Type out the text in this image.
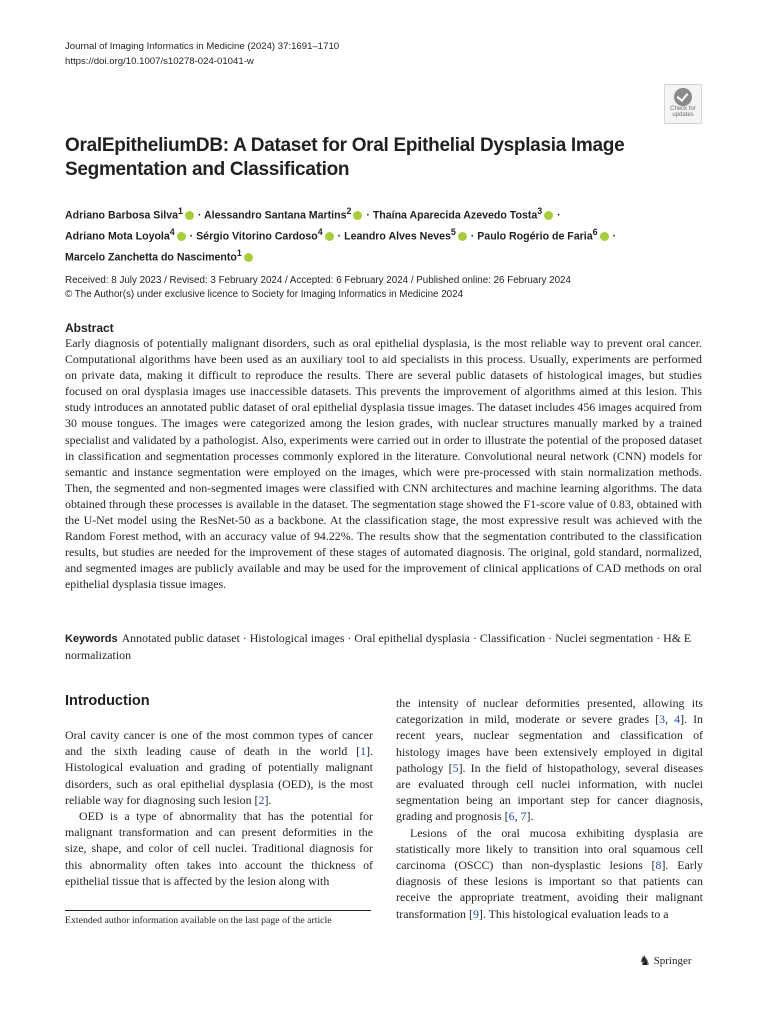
Journal of Imaging Informatics in Medicine (2024) 37:1691–1710
https://doi.org/10.1007/s10278-024-01041-w
Check for
updates
OralEpitheliumDB: A Dataset for Oral Epithelial Dysplasia Image Segmentation and Classification
Adriano Barbosa Silva$^1$ · Alessandro Santana Martins$^2$ · Thaína Aparecida Azevedo Tosta$^3$ ·
Adriano Mota Loyola$^4$ · Sérgio Vitorino Cardoso$^4$ · Leandro Alves Neves$^5$ · Paulo Rogério de Faria$^6$ ·
Marcelo Zanchetta do Nascimento$^1$
Received: 8 July 2023 / Revised: 3 February 2024 / Accepted: 6 February 2024 / Published online: 26 February 2024
© The Author(s) under exclusive licence to Society for Imaging Informatics in Medicine 2024
Abstract

Early diagnosis of potentially malignant disorders, such as oral epithelial dysplasia, is the most reliable way to prevent oral cancer. Computational algorithms have been used as an auxiliary tool to aid specialists in this process. Usually, experiments are performed on private data, making it difficult to reproduce the results. There are several public datasets of histological images, but studies focused on oral dysplasia images use inaccessible datasets. This prevents the improvement of algorithms aimed at this lesion. This study introduces an annotated public dataset of oral epithelial dysplasia tissue images. The dataset includes 456 images acquired from 30 mouse tongues. The images were categorized among the lesion grades, with nuclear structures manually marked by a trained specialist and validated by a pathologist. Also, experiments were carried out in order to illustrate the potential of the proposed dataset in classification and segmentation processes commonly explored in the literature. Convolutional neural network (CNN) models for semantic and instance segmentation were employed on the images, which were pre-processed with stain normalization methods. Then, the segmented and non-segmented images were classified with CNN architectures and machine learning algorithms. The data obtained through these processes is available in the dataset. The segmentation stage showed the F1-score value of 0.83, obtained with the U-Net model using the ResNet-50 as a backbone. At the classification stage, the most expressive result was achieved with the Random Forest method, with an accuracy value of 94.22%. The results show that the segmentation contributed to the classification results, but studies are needed for the improvement of these stages of automated diagnosis. The original, gold standard, normalized, and segmented images are publicly available and may be used for the improvement of clinical applications of CAD methods on oral epithelial dysplasia tissue images.

Keywords Annotated public dataset · Histological images · Oral epithelial dysplasia · Classification · Nuclei segmentation · H& E normalization

Introduction

Oral cavity cancer is one of the most common types of cancer and the sixth leading cause of death in the world [1]. Histological evaluation and grading of potentially malignant disorders, such as oral epithelial dysplasia (OED), is the most reliable way for diagnosing such lesion [2].

OED is a type of abnormality that has the potential for malignant transformation and can present deformities in the size, shape, and color of cell nuclei. Traditional diagnosis for this abnormality often takes into account the thickness of epithelial tissue that is affected by the lesion along with

the intensity of nuclear deformities presented, allowing its categorization in mild, moderate or severe grades [3, 4]. In recent years, nuclear segmentation and classification of histology images have been extensively employed in digital pathology [5]. In the field of histopathology, several diseases are evaluated through cell nuclei information, with nuclei segmentation being an important step for cancer diagnosis, grading and prognosis [6, 7].

Lesions of the oral mucosa exhibiting dysplasia are statistically more likely to transition into oral squamous cell carcinoma (OSCC) than non-dysplastic lesions [8]. Early diagnosis of these lesions is important so that patients can receive the appropriate treatment, avoiding their malignant transformation [9]. This histological evaluation leads to a

Extended author information available on the last page of the article
♞ Springer
